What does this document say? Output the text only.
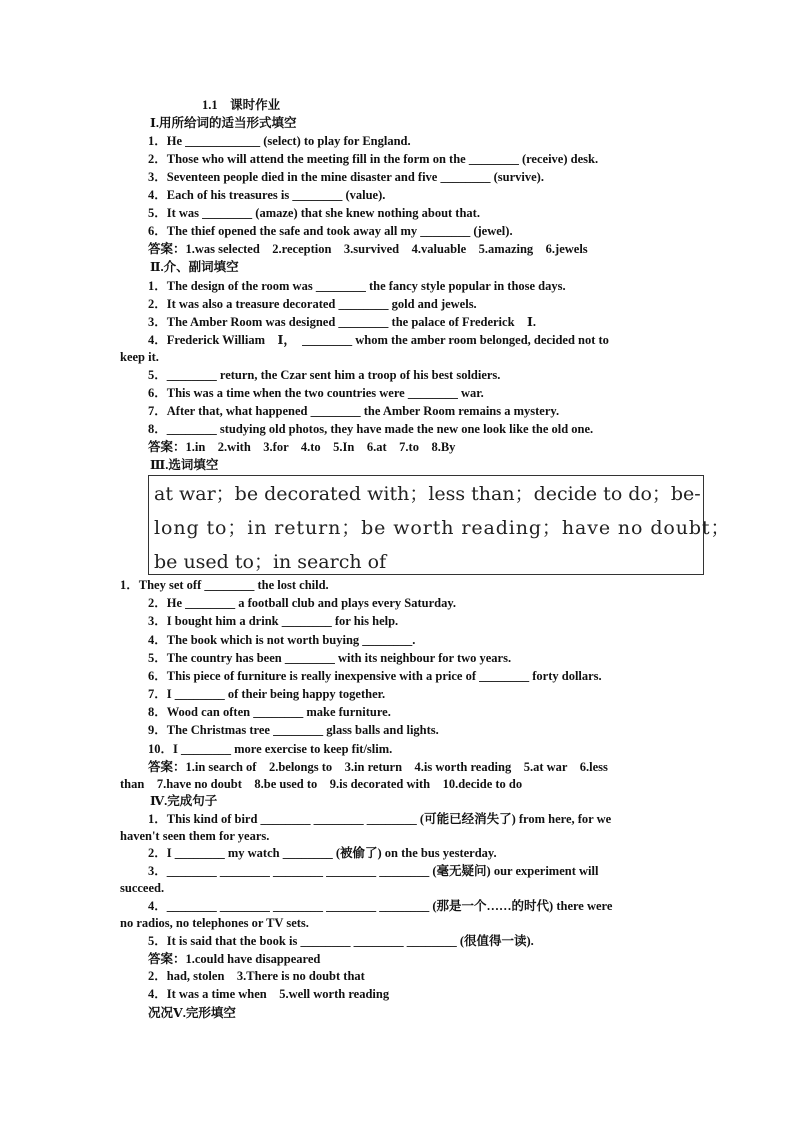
1.1　课时作业
Ⅰ.用所给词的适当形式填空
1．He ____________ (select) to play for England.
2．Those who will attend the meeting fill in the form on the ________ (receive) desk.
3．Seventeen people died in the mine disaster and five ________ (survive).
4．Each of his treasures is ________ (value).
5．It was ________ (amaze) that she knew nothing about that.
6．The thief opened the safe and took away all my ________ (jewel).
答案：1.was selected　2.reception　3.survived　4.valuable　5.amazing　6.jewels
Ⅱ.介、副词填空
1．The design of the room was ________ the fancy style popular in those days.
2．It was also a treasure decorated ________ gold and jewels.
3．The Amber Room was designed ________ the palace of Frederick　Ⅰ.
4．Frederick William　Ⅰ，　________ whom the amber room belonged, decided not to
keep it.
5．________ return, the Czar sent him a troop of his best soldiers.
6．This was a time when the two countries were ________ war.
7．After that, what happened ________ the Amber Room remains a mystery.
8．________ studying old photos, they have made the new one look like the old one.
答案：1.in　2.with　3.for　4.to　5.In　6.at　7.to　8.By
Ⅲ.选词填空
at war；be decorated with；less than；decide to do；be-
long to；in return；be worth reading；have no doubt；
be used to；in search of
1．They set off ________ the lost child.
2．He ________ a football club and plays every Saturday.
3．I bought him a drink ________ for his help.
4．The book which is not worth buying ________.
5．The country has been ________ with its neighbour for two years.
6．This piece of furniture is really inexpensive with a price of ________ forty dollars.
7．I ________ of their being happy together.
8．Wood can often ________ make furniture.
9．The Christmas tree ________ glass balls and lights.
10．I ________ more exercise to keep fit/slim.
答案：1.in search of　2.belongs to　3.in return　4.is worth reading　5.at war　6.less
than　7.have no doubt　8.be used to　9.is decorated with　10.decide to do
Ⅳ.完成句子
1．This kind of bird ________ ________ ________ (可能已经消失了) from here, for we
haven't seen them for years.
2．I ________ my watch ________ (被偷了) on the bus yesterday.
3．________ ________ ________ ________ ________ (毫无疑问) our experiment will
succeed.
4．________ ________ ________ ________ ________ (那是一个……的时代) there were
no radios, no telephones or TV sets.
5．It is said that the book is ________ ________ ________ (很值得一读).
答案：1.could have disappeared
2．had, stolen　3.There is no doubt that
4．It was a time when　5.well worth reading
况况Ⅴ.完形填空
